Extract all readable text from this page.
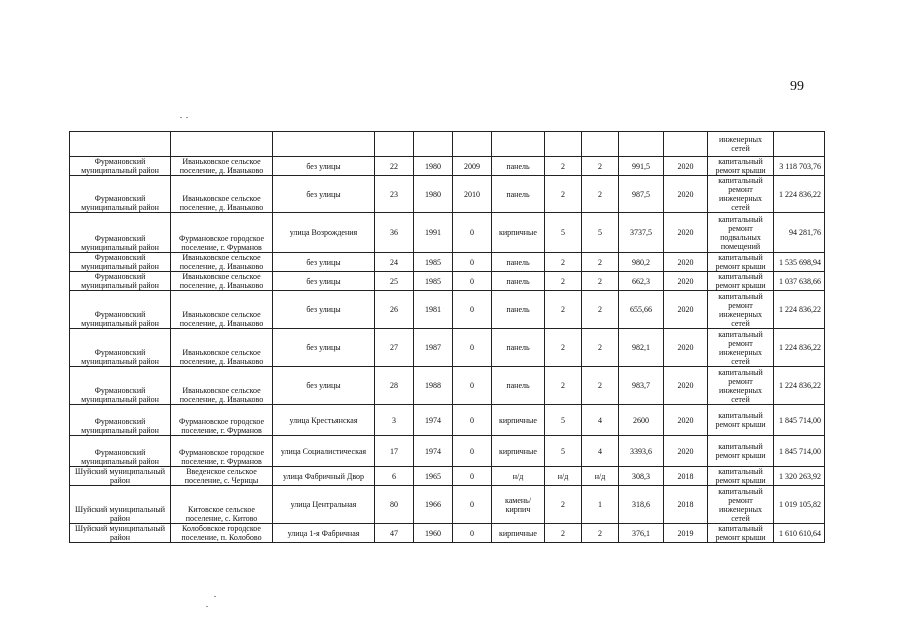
99
											инженерных сетей	
Фурмановский муниципальный район	Иваньковское сельское поселение, д. Иваньково	без улицы	22	1980	2009	панель	2	2	991,5	2020	капитальный ремонт крыши	3 118 703,76
Фурмановский муниципальный район	Иваньковское сельское поселение, д. Иваньково	без улицы	23	1980	2010	панель	2	2	987,5	2020	капитальный ремонт инженерных сетей	1 224 836,22
Фурмановский муниципальный район	Фурмановское городское поселение, г. Фурманов	улица Возрождения	36	1991	0	кирпичные	5	5	3737,5	2020	капитальный ремонт подвальных помещений	94 281,76
Фурмановский муниципальный район	Иваньковское сельское поселение, д. Иваньково	без улицы	24	1985	0	панель	2	2	980,2	2020	капитальный ремонт крыши	1 535 698,94
Фурмановский муниципальный район	Иваньковское сельское поселение, д. Иваньково	без улицы	25	1985	0	панель	2	2	662,3	2020	капитальный ремонт крыши	1 037 638,66
Фурмановский муниципальный район	Иваньковское сельское поселение, д. Иваньково	без улицы	26	1981	0	панель	2	2	655,66	2020	капитальный ремонт инженерных сетей	1 224 836,22
Фурмановский муниципальный район	Иваньковское сельское поселение, д. Иваньково	без улицы	27	1987	0	панель	2	2	982,1	2020	капитальный ремонт инженерных сетей	1 224 836,22
Фурмановский муниципальный район	Иваньковское сельское поселение, д. Иваньково	без улицы	28	1988	0	панель	2	2	983,7	2020	капитальный ремонт инженерных сетей	1 224 836,22
Фурмановский муниципальный район	Фурмановское городское поселение, г. Фурманов	улица Крестьянская	3	1974	0	кирпичные	5	4	2600	2020	капитальный ремонт крыши	1 845 714,00
Фурмановский муниципальный район	Фурмановское городское поселение, г. Фурманов	улица Социалистическая	17	1974	0	кирпичные	5	4	3393,6	2020	капитальный ремонт крыши	1 845 714,00
Шуйский муниципальный район	Введенское сельское поселение, с. Чернцы	улица Фабричный Двор	6	1965	0	н/д	н/д	н/д	308,3	2018	капитальный ремонт крыши	1 320 263,92
Шуйский муниципальный район	Китовское сельское поселение, с. Китово	улица Центральная	80	1966	0	камень/кирпич	2	1	318,6	2018	капитальный ремонт инженерных сетей	1 019 105,82
Шуйский муниципальный район	Колобовское городское поселение, п. Колобово	улица 1-я Фабричная	47	1960	0	кирпичные	2	2	376,1	2019	капитальный ремонт крыши	1 610 610,64
